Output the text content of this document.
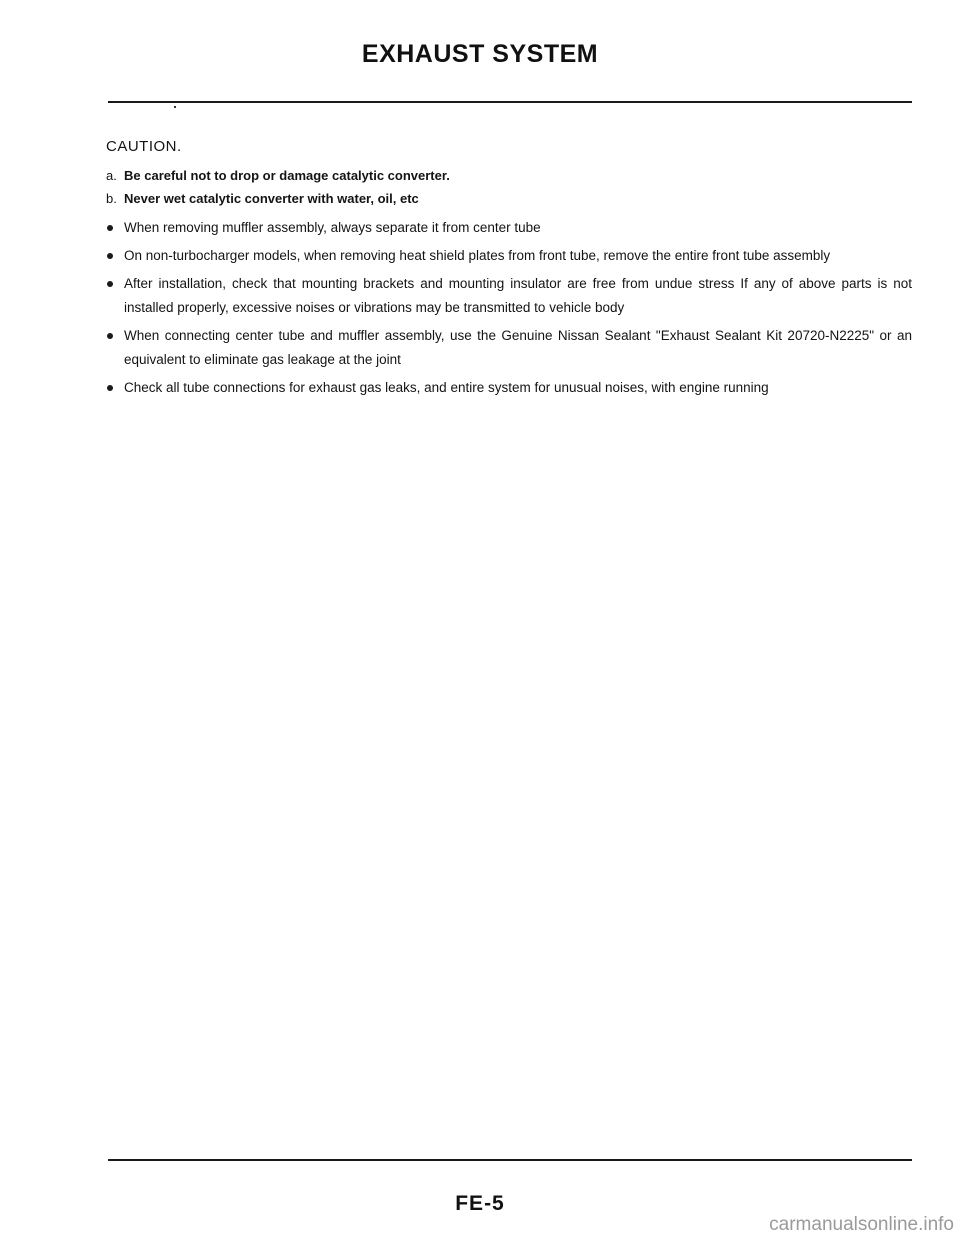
EXHAUST SYSTEM
CAUTION.
a. Be careful not to drop or damage catalytic converter.
b. Never wet catalytic converter with water, oil, etc
When removing muffler assembly, always separate it from center tube
On non-turbocharger models, when removing heat shield plates from front tube, remove the entire front tube assembly
After installation, check that mounting brackets and mounting insulator are free from undue stress If any of above parts is not installed properly, excessive noises or vibrations may be transmitted to vehicle body
When connecting center tube and muffler assembly, use the Genuine Nissan Sealant "Exhaust Sealant Kit 20720-N2225" or an equivalent to eliminate gas leakage at the joint
Check all tube connections for exhaust gas leaks, and entire system for unusual noises, with engine running
FE-5
carmanualsonline.info
